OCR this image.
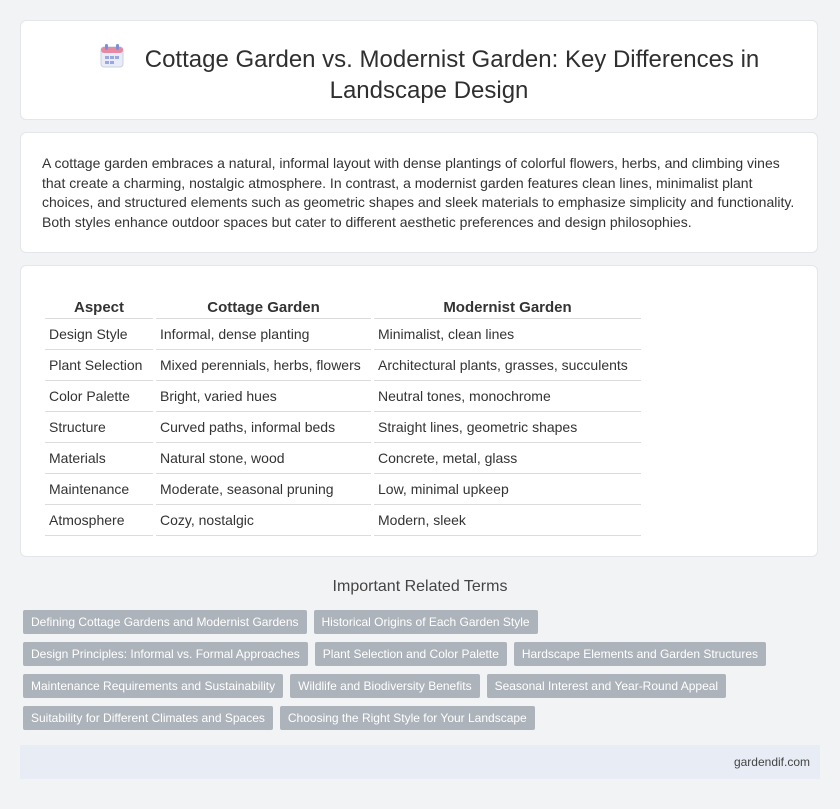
Cottage Garden vs. Modernist Garden: Key Differences in Landscape Design

A cottage garden embraces a natural, informal layout with dense plantings of colorful flowers, herbs, and climbing vines that create a charming, nostalgic atmosphere. In contrast, a modernist garden features clean lines, minimalist plant choices, and structured elements such as geometric shapes and sleek materials to emphasize simplicity and functionality. Both styles enhance outdoor spaces but cater to different aesthetic preferences and design philosophies.

Aspect	Cottage Garden	Modernist Garden
Design Style	Informal, dense planting	Minimalist, clean lines
Plant Selection	Mixed perennials, herbs, flowers	Architectural plants, grasses, succulents
Color Palette	Bright, varied hues	Neutral tones, monochrome
Structure	Curved paths, informal beds	Straight lines, geometric shapes
Materials	Natural stone, wood	Concrete, metal, glass
Maintenance	Moderate, seasonal pruning	Low, minimal upkeep
Atmosphere	Cozy, nostalgic	Modern, sleek
Important Related Terms
Defining Cottage Gardens and Modernist Gardens	Historical Origins of Each Garden Style
Design Principles: Informal vs. Formal Approaches	Plant Selection and Color Palette	Hardscape Elements and Garden Structures
Maintenance Requirements and Sustainability	Wildlife and Biodiversity Benefits	Seasonal Interest and Year-Round Appeal
Suitability for Different Climates and Spaces	Choosing the Right Style for Your Landscape
gardendif.com
